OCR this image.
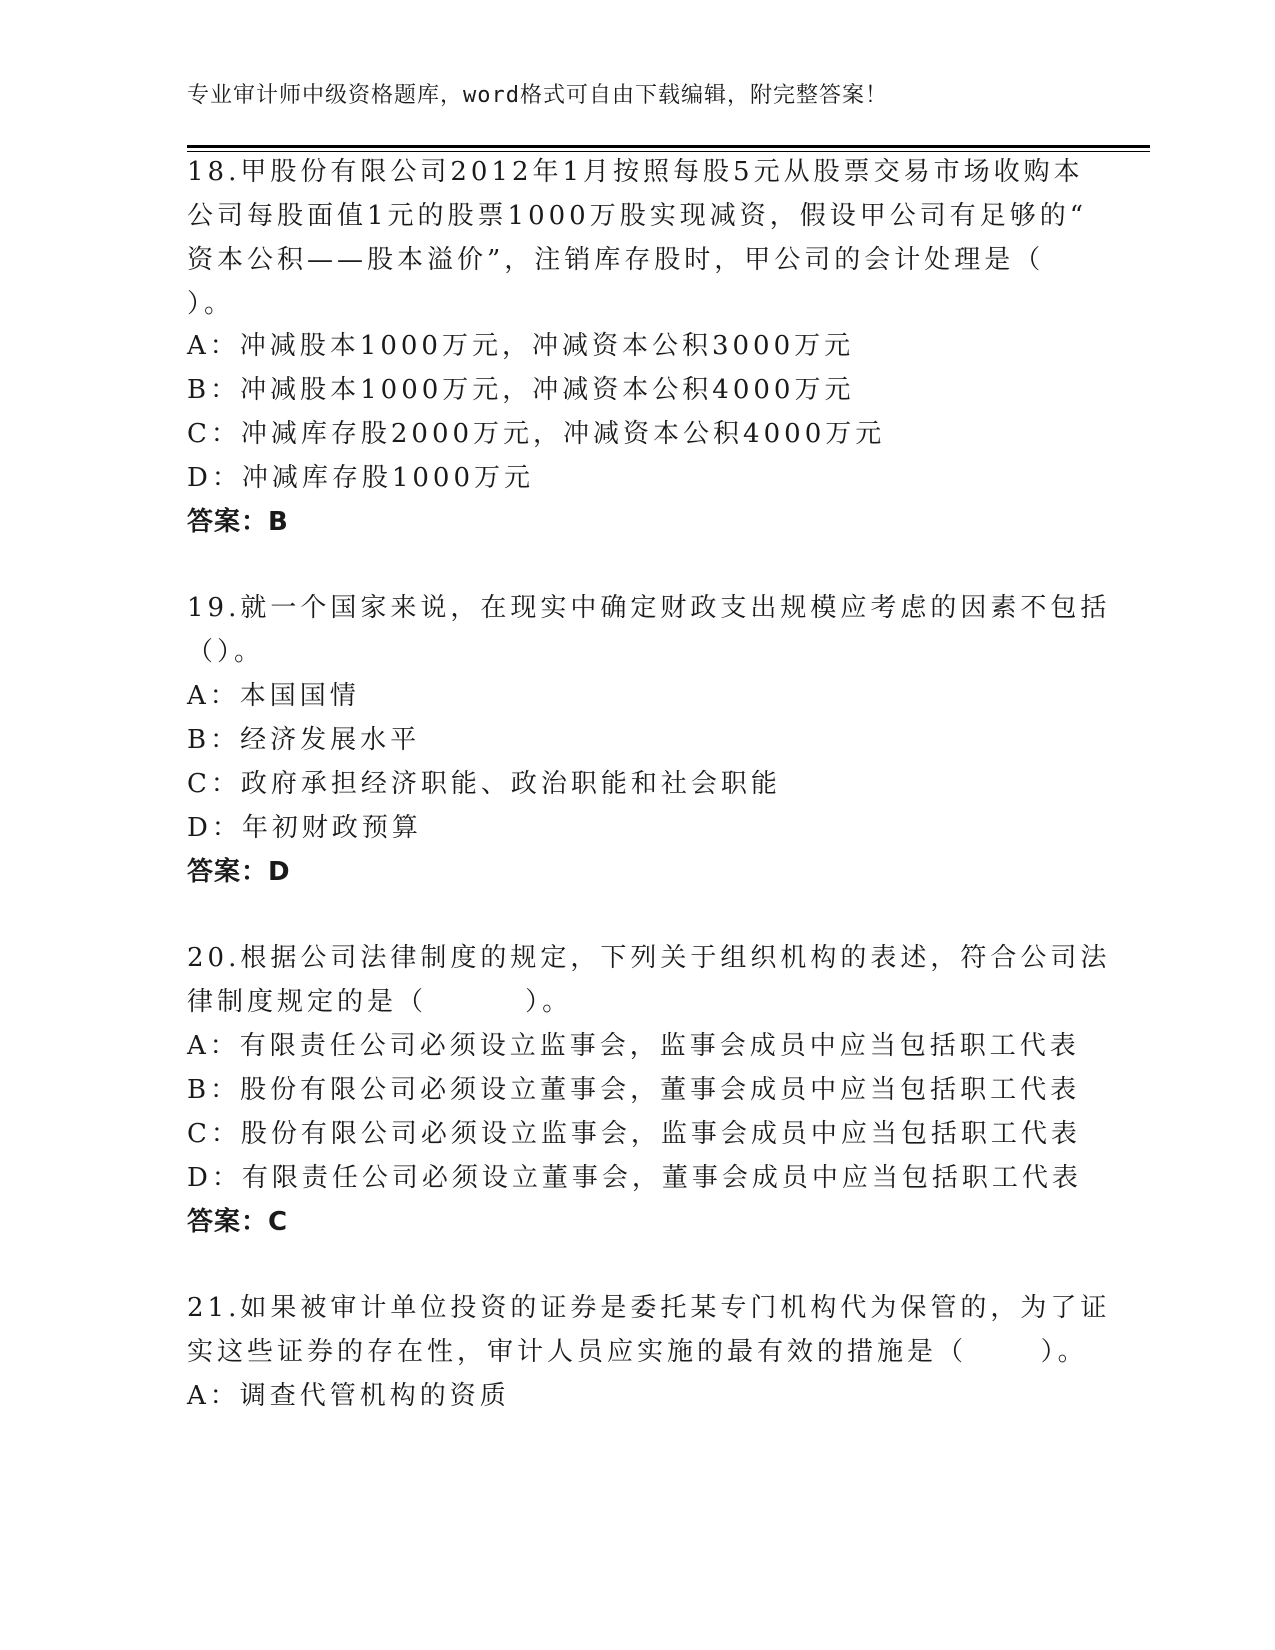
专业审计师中级资格题库，word格式可自由下载编辑，附完整答案！
18.甲股份有限公司2012年1月按照每股5元从股票交易市场收购本
公司每股面值1元的股票1000万股实现减资，假设甲公司有足够的“
资本公积——股本溢价”，注销库存股时，甲公司的会计处理是（
）。
A：冲减股本1000万元，冲减资本公积3000万元
B：冲减股本1000万元，冲减资本公积4000万元
C：冲减库存股2000万元，冲减资本公积4000万元
D：冲减库存股1000万元
答案：B
19.就一个国家来说，在现实中确定财政支出规模应考虑的因素不包括
（）。
A：本国国情
B：经济发展水平
C：政府承担经济职能、政治职能和社会职能
D：年初财政预算
答案：D
20.根据公司法律制度的规定，下列关于组织机构的表述，符合公司法
律制度规定的是（        ）。
A：有限责任公司必须设立监事会，监事会成员中应当包括职工代表
B：股份有限公司必须设立董事会，董事会成员中应当包括职工代表
C：股份有限公司必须设立监事会，监事会成员中应当包括职工代表
D：有限责任公司必须设立董事会，董事会成员中应当包括职工代表
答案：C
21.如果被审计单位投资的证券是委托某专门机构代为保管的，为了证
实这些证券的存在性，审计人员应实施的最有效的措施是（      ）。
A：调查代管机构的资质
